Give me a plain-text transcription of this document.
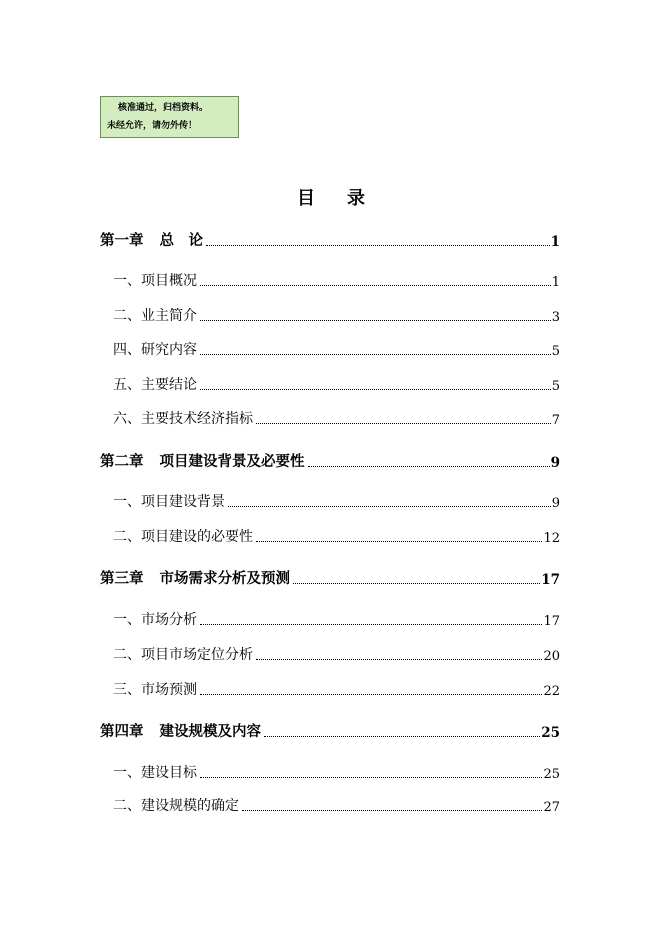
核准通过，归档资料。
未经允许，请勿外传！
目 录
第一章 总　论	1
一、项目概况	1
二、业主简介	3
四、研究内容	5
五、主要结论	5
六、主要技术经济指标	7
第二章 项目建设背景及必要性	9
一、项目建设背景	9
二、项目建设的必要性	12
第三章 市场需求分析及预测	17
一、市场分析	17
二、项目市场定位分析	20
三、市场预测	22
第四章 建设规模及内容	25
一、建设目标	25
二、建设规模的确定	27
